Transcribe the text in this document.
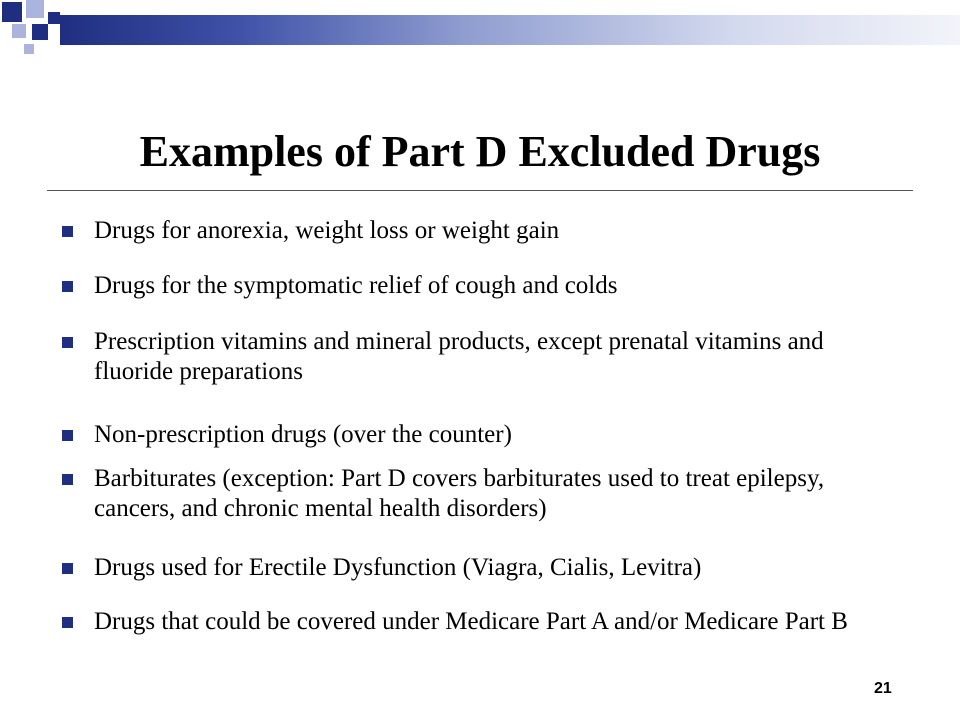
Examples of Part D Excluded Drugs
Drugs for anorexia, weight loss or weight gain
Drugs for the symptomatic relief of cough and colds
Prescription vitamins and mineral products, except prenatal vitamins and fluoride preparations
Non-prescription drugs (over the counter)
Barbiturates (exception: Part D covers barbiturates used to treat epilepsy, cancers, and chronic mental health disorders)
Drugs used for Erectile Dysfunction (Viagra, Cialis, Levitra)
Drugs that could be covered under Medicare Part A and/or Medicare Part B
21
